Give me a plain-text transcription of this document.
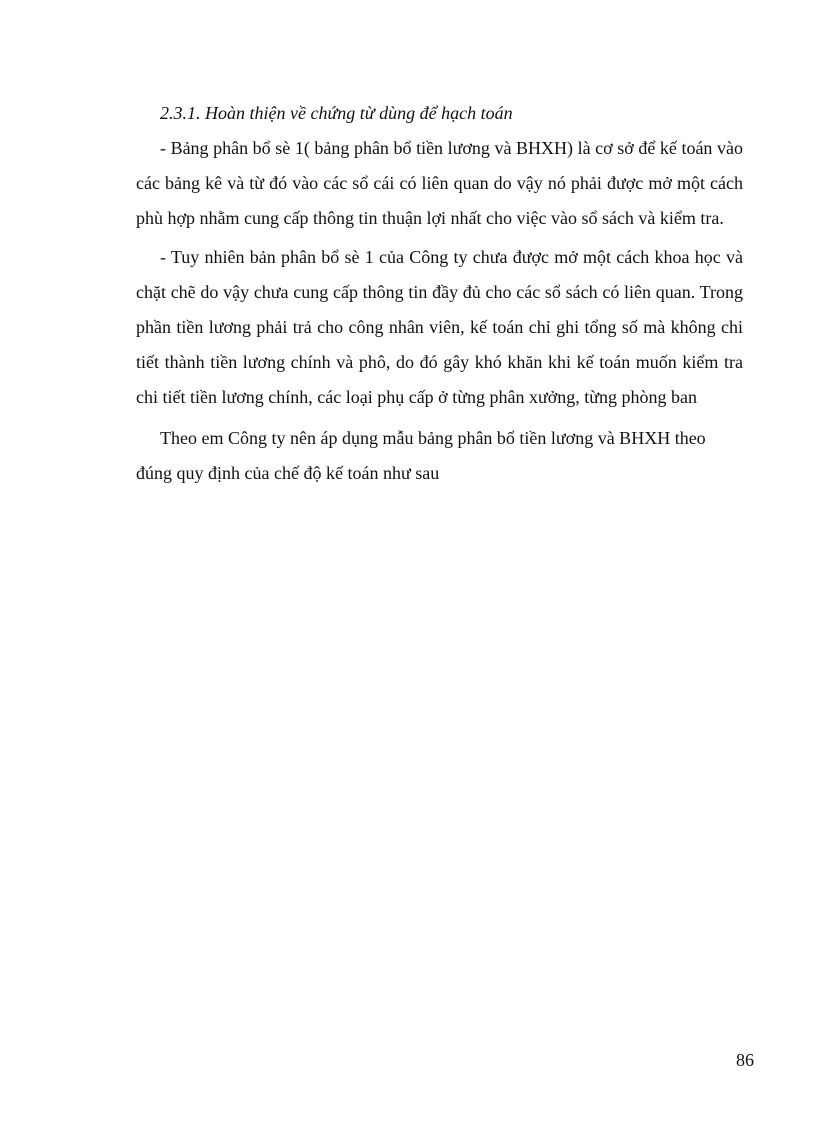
2.3.1. Hoàn thiện về chứng từ dùng để hạch toán

- Bảng phân bổ sè 1( bảng phân bổ tiền lương và BHXH) là cơ sở để kế toán vào các bảng kê và từ đó vào các sổ cái có liên quan do vậy nó phải được mở một cách phù hợp nhằm cung cấp thông tin thuận lợi nhất cho việc vào sổ sách và kiểm tra.

- Tuy nhiên bản phân bổ sè 1 của Công ty chưa được mở một cách khoa học và chặt chẽ do vậy chưa cung cấp thông tin đầy đủ cho các sổ sách có liên quan. Trong phần tiền lương phải trả cho công nhân viên, kế toán chỉ ghi tổng số mà không chi tiết thành tiền lương chính và phô, do đó gây khó khăn khi kế toán muốn kiểm tra chi tiết tiền lương chính, các loại phụ cấp ở từng phân xưởng, từng phòng ban

Theo em Công ty nên áp dụng mẫu bảng phân bổ tiền lương và BHXH theo đúng quy định của chế độ kế toán như sau

86
